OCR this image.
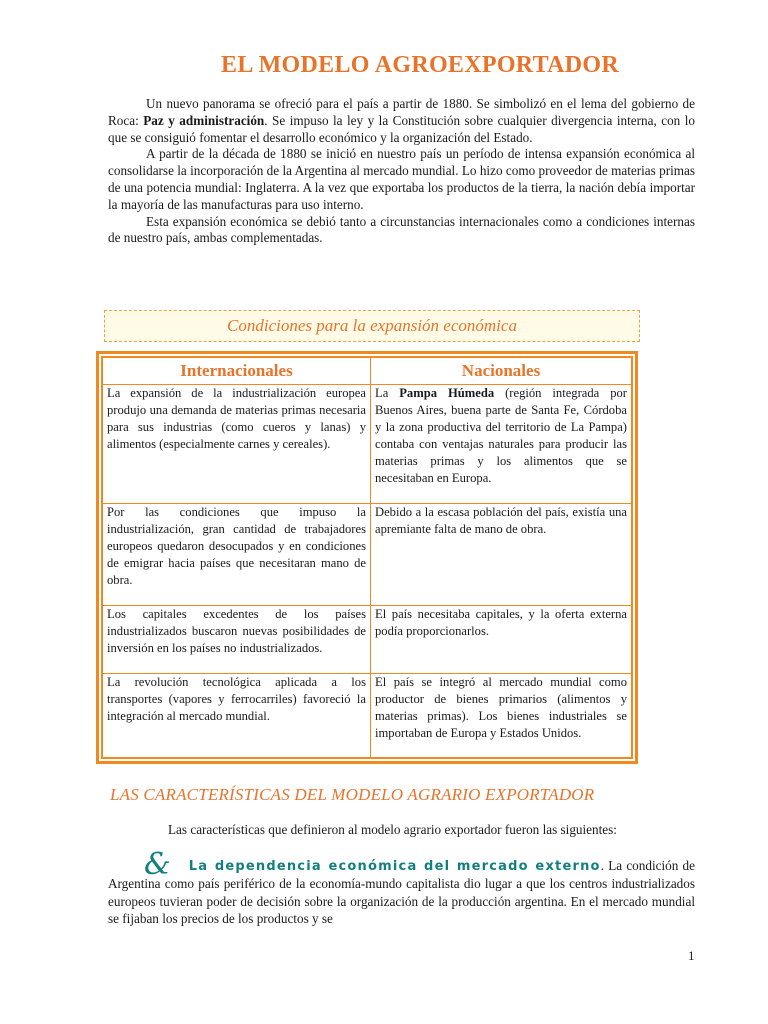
EL MODELO AGROEXPORTADOR

Un nuevo panorama se ofreció para el país a partir de 1880. Se simbolizó en el lema del gobierno de Roca: Paz y administración. Se impuso la ley y la Constitución sobre cualquier divergencia interna, con lo que se consiguió fomentar el desarrollo económico y la organización del Estado.

A partir de la década de 1880 se inició en nuestro país un período de intensa expansión económica al consolidarse la incorporación de la Argentina al mercado mundial. Lo hizo como proveedor de materias primas de una potencia mundial: Inglaterra. A la vez que exportaba los productos de la tierra, la nación debía importar la mayoría de las manufacturas para uso interno.

Esta expansión económica se debió tanto a circunstancias internacionales como a condiciones internas de nuestro país, ambas complementadas.

Condiciones para la expansión económica
Internacionales	Nacionales
La expansión de la industrialización europea produjo una demanda de materias primas necesaria para sus industrias (como cueros y lanas) y alimentos (especialmente carnes y cereales).	La Pampa Húmeda (región integrada por Buenos Aires, buena parte de Santa Fe, Córdoba y la zona productiva del territorio de La Pampa) contaba con ventajas naturales para producir las materias primas y los alimentos que se necesitaban en Europa.
Por las condiciones que impuso la industrialización, gran cantidad de trabajadores europeos quedaron desocupados y en condiciones de emigrar hacia países que necesitaran mano de obra.	Debido a la escasa población del país, existía una apremiante falta de mano de obra.
Los capitales excedentes de los países industrializados buscaron nuevas posibilidades de inversión en los países no industrializados.	El país necesitaba capitales, y la oferta externa podía proporcionarlos.
La revolución tecnológica aplicada a los transportes (vapores y ferrocarriles) favoreció la integración al mercado mundial.	El país se integró al mercado mundial como productor de bienes primarios (alimentos y materias primas). Los bienes industriales se importaban de Europa y Estados Unidos.
LAS CARACTERÍSTICAS DEL MODELO AGRARIO EXPORTADOR
Las características que definieron al modelo agrario exportador fueron las siguientes:
& La dependencia económica del mercado externo. La condición de Argentina como país periférico de la economía-mundo capitalista dio lugar a que los centros industrializados europeos tuvieran poder de decisión sobre la organización de la producción argentina. En el mercado mundial se fijaban los precios de los productos y se
1
